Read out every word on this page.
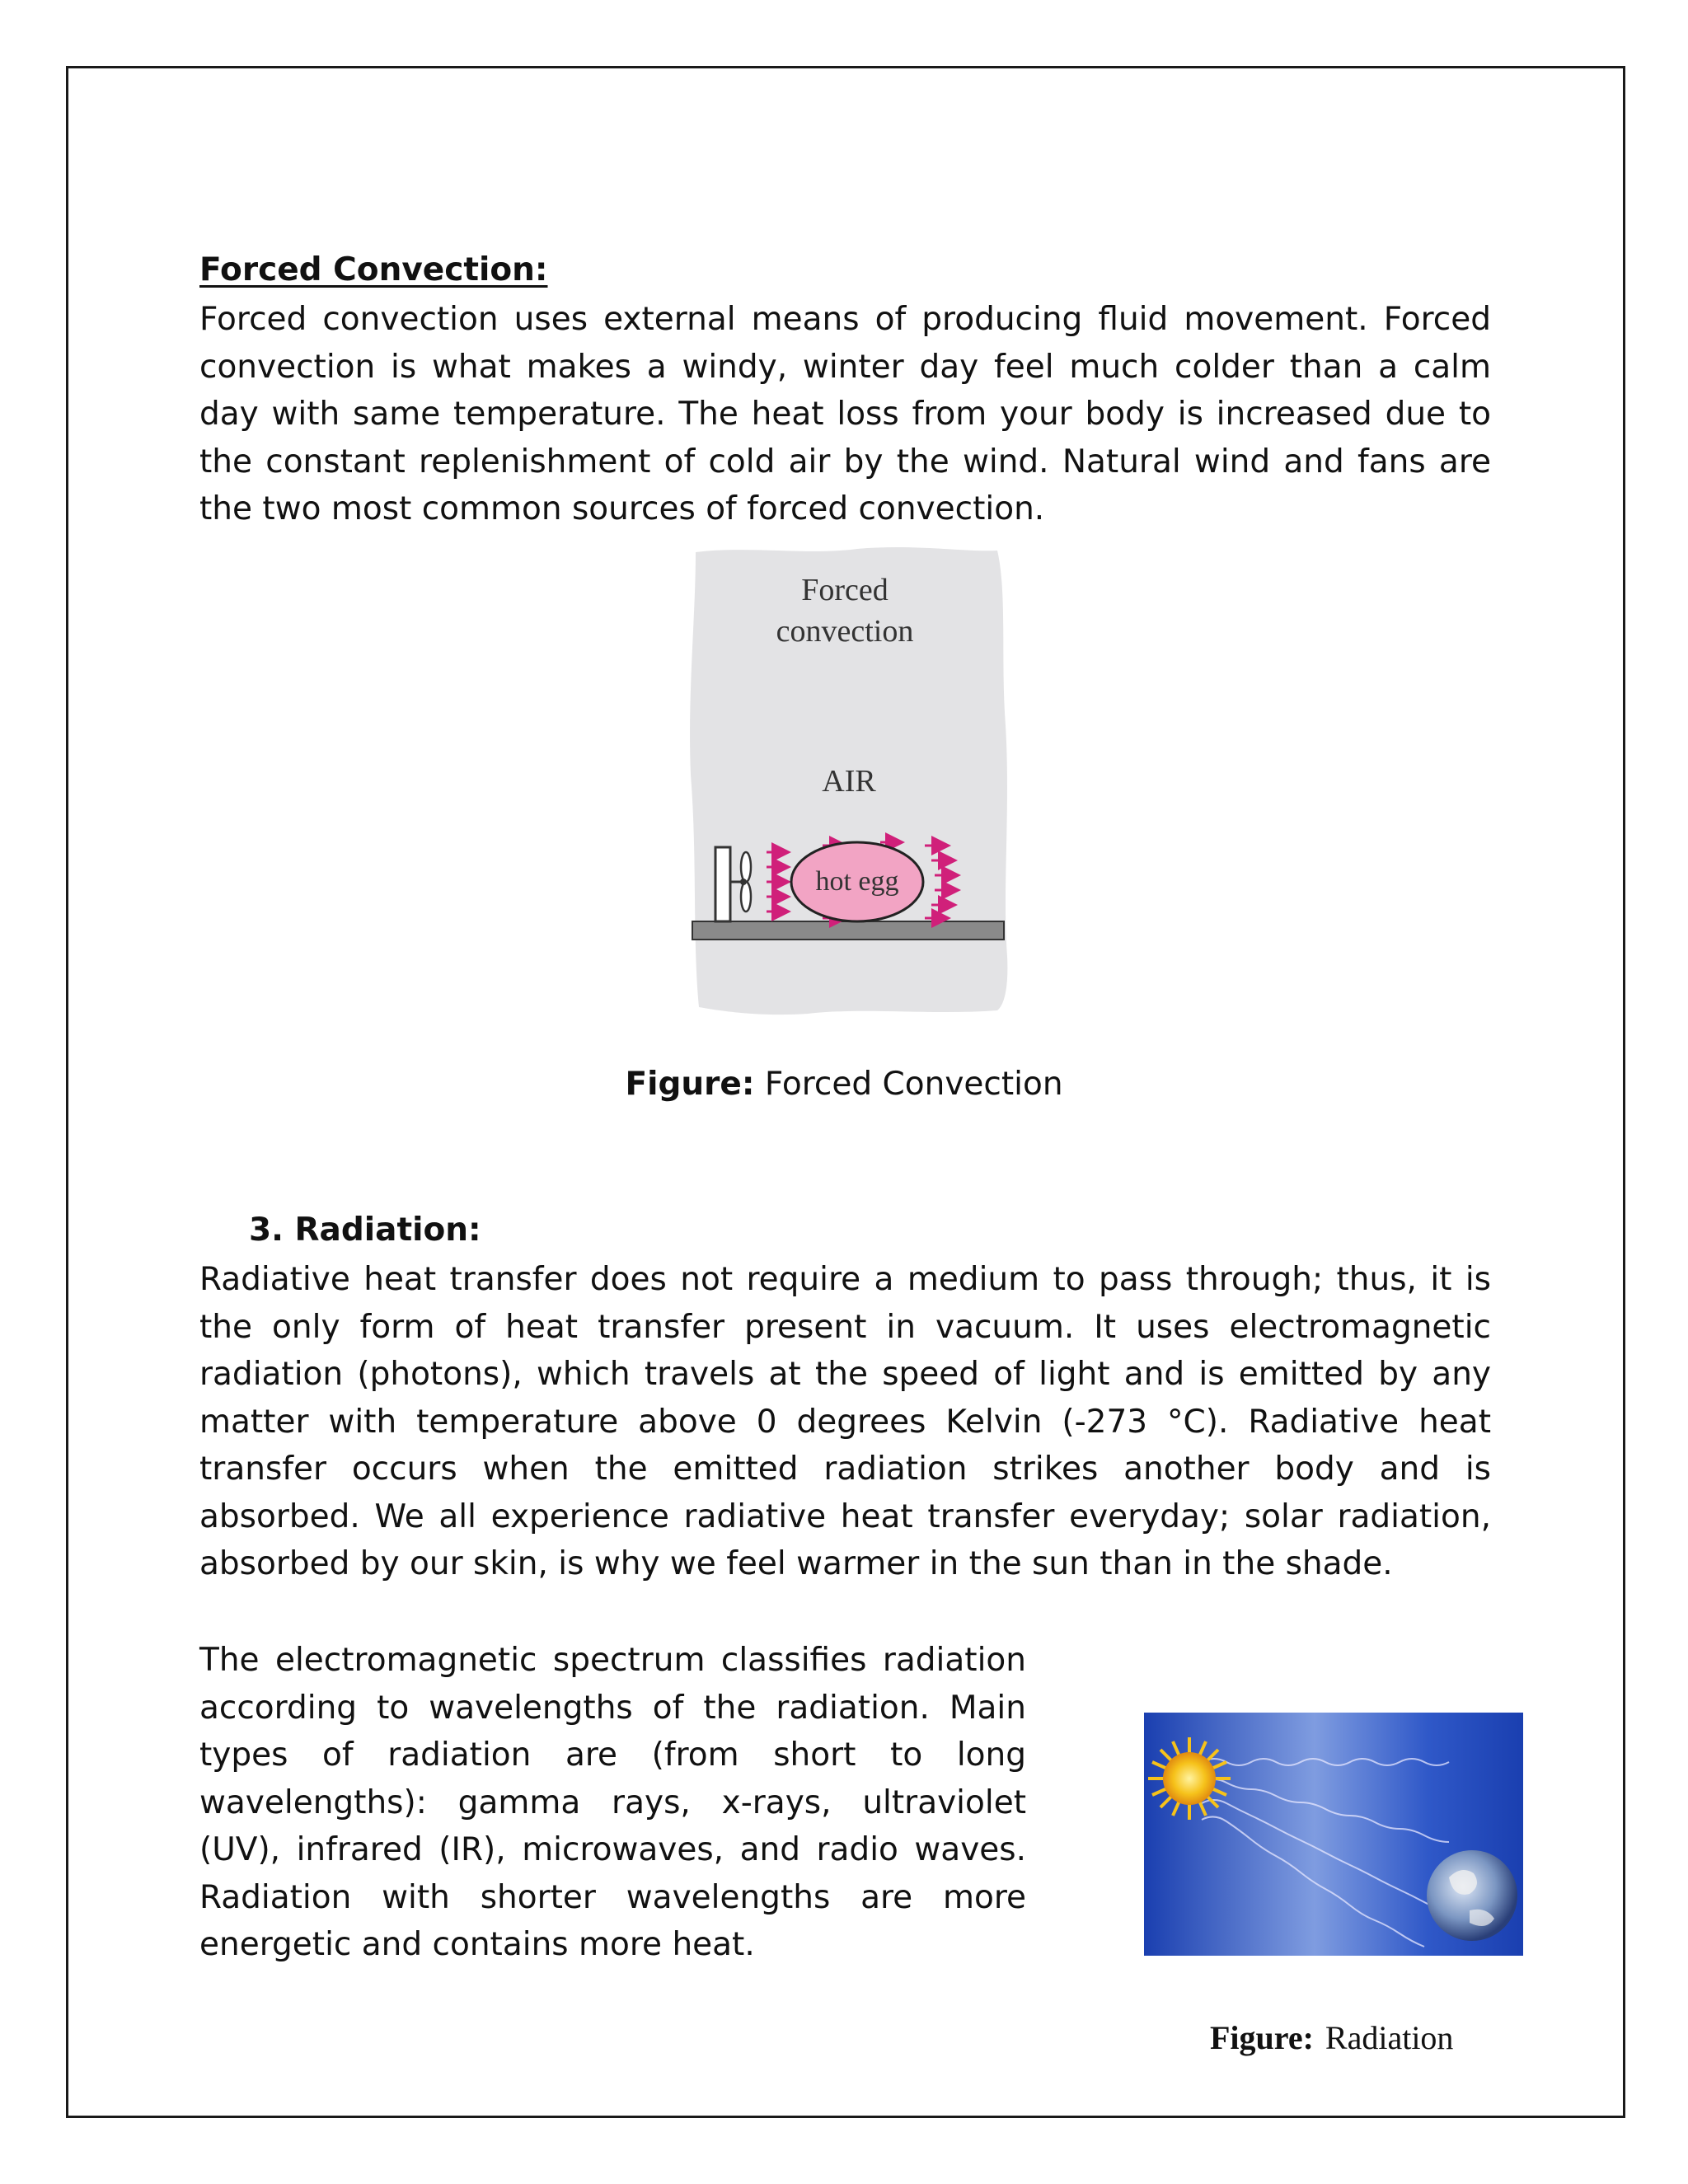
Forced Convection:

Forced convection uses external means of producing fluid movement. Forced convection is what makes a windy, winter day feel much colder than a calm day with same temperature. The heat loss from your body is increased due to the constant replenishment of cold air by the wind. Natural wind and fans are the two most common sources of forced convection.

Forced
convection
AIR
hot egg
Figure: Forced Convection
3. Radiation:

Radiative heat transfer does not require a medium to pass through; thus, it is the only form of heat transfer present in vacuum. It uses electromagnetic radiation (photons), which travels at the speed of light and is emitted by any matter with temperature above 0 degrees Kelvin (-273 °C). Radiative heat transfer occurs when the emitted radiation strikes another body and is absorbed. We all experience radiative heat transfer everyday; solar radiation, absorbed by our skin, is why we feel warmer in the sun than in the shade.

The electromagnetic spectrum classifies radiation according to wavelengths of the radiation. Main types of radiation are (from short to long wavelengths): gamma rays, x-rays, ultraviolet (UV), infrared (IR), microwaves, and radio waves. Radiation with shorter wavelengths are more energetic and contains more heat.

Figure: Radiation
